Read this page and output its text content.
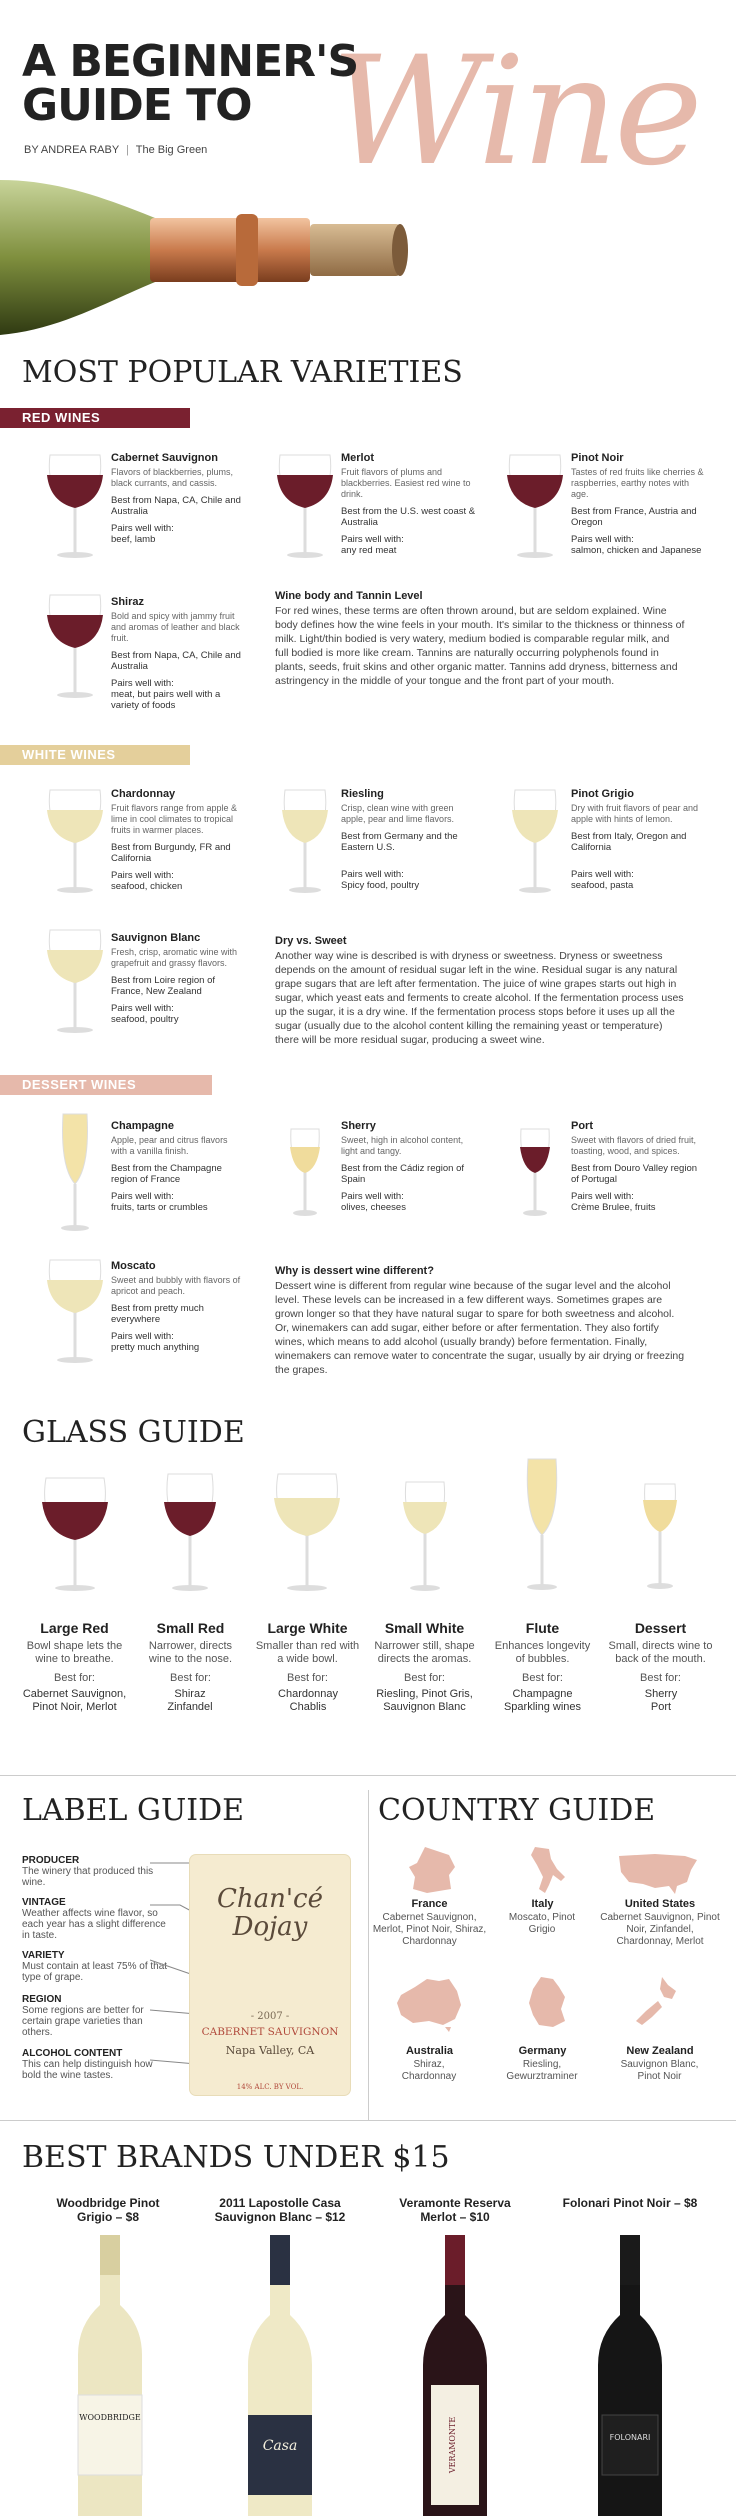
Wine
A BEGINNER'S
GUIDE TO
BY ANDREA RABY | The Big Green
MOST POPULAR VARIETIES
RED WINES
Cabernet Sauvignon
Flavors of blackberries, plums, black currants, and cassis.
Best from Napa, CA, Chile and Australia
Pairs well with:
beef, lamb
Merlot
Fruit flavors of plums and blackberries. Easiest red wine to drink.
Best from the U.S. west coast & Australia
Pairs well with:
any red meat
Pinot Noir
Tastes of red fruits like cherries & raspberries, earthy notes with age.
Best from France, Austria and Oregon
Pairs well with:
salmon, chicken and Japanese
Shiraz
Bold and spicy with jammy fruit and aromas of leather and black fruit.
Best from Napa, CA, Chile and Australia
Pairs well with:
meat, but pairs well with a variety of foods
Wine body and Tannin Level
For red wines, these terms are often thrown around, but are seldom explained. Wine body defines how the wine feels in your mouth. It's similar to the thickness or thinness of milk. Light/thin bodied is very watery, medium bodied is comparable regular milk, and full bodied is more like cream. Tannins are naturally occurring polyphenols found in plants, seeds, fruit skins and other organic matter. Tannins add dryness, bitterness and astringency in the middle of your tongue and the front part of your mouth.
WHITE WINES
Chardonnay
Fruit flavors range from apple & lime in cool climates to tropical fruits in warmer places.
Best from Burgundy, FR and California
Pairs well with:
seafood, chicken
Riesling
Crisp, clean wine with green apple, pear and lime flavors.
Best from Germany and the Eastern U.S.
Pairs well with:
Spicy food, poultry
Pinot Grigio
Dry with fruit flavors of pear and apple with hints of lemon.
Best from Italy, Oregon and California
Pairs well with:
seafood, pasta
Sauvignon Blanc
Fresh, crisp, aromatic wine with grapefruit and grassy flavors.
Best from Loire region of France, New Zealand
Pairs well with:
seafood, poultry
Dry vs. Sweet
Another way wine is described is with dryness or sweetness. Dryness or sweetness depends on the amount of residual sugar left in the wine. Residual sugar is any natural grape sugars that are left after fermentation. The juice of wine grapes starts out high in sugar, which yeast eats and ferments to create alcohol. If the fermentation process uses up the sugar, it is a dry wine. If the fermentation process stops before it uses up all the sugar (usually due to the alcohol content killing the remaining yeast or temperature) there will be more residual sugar, producing a sweet wine.
DESSERT WINES
Champagne
Apple, pear and citrus flavors with a vanilla finish.
Best from the Champagne region of France
Pairs well with:
fruits, tarts or crumbles
Sherry
Sweet, high in alcohol content, light and tangy.
Best from the Cádiz region of Spain
Pairs well with:
olives, cheeses
Port
Sweet with flavors of dried fruit, toasting, wood, and spices.
Best from Douro Valley region of Portugal
Pairs well with:
Crème Brulee, fruits
Moscato
Sweet and bubbly with flavors of apricot and peach.
Best from pretty much everywhere
Pairs well with:
pretty much anything
Why is dessert wine different?
Dessert wine is different from regular wine because of the sugar level and the alcohol level. These levels can be increased in a few different ways. Sometimes grapes are grown longer so that they have natural sugar to spare for both sweetness and alcohol. Or, winemakers can add sugar, either before or after fermentation. They also fortify wines, which means to add alcohol (usually brandy) before fermentation. Finally, winemakers can remove water to concentrate the sugar, usually by air drying or freezing the grapes.
GLASS GUIDE
Large Red
Bowl shape lets the wine to breathe.
Best for:
Cabernet Sauvignon, Pinot Noir, Merlot
Small Red
Narrower, directs wine to the nose.
Best for:
Shiraz Zinfandel
Large White
Smaller than red with a wide bowl.
Best for:
Chardonnay Chablis
Small White
Narrower still, shape directs the aromas.
Best for:
Riesling, Pinot Gris, Sauvignon Blanc
Flute
Enhances longevity of bubbles.
Best for:
Champagne Sparkling wines
Dessert
Small, directs wine to back of the mouth.
Best for:
Sherry Port
LABEL GUIDE
PRODUCER
The winery that produced this wine.
VINTAGE
Weather affects wine flavor, so each year has a slight difference in taste.
VARIETY
Must contain at least 75% of that type of grape.
REGION
Some regions are better for certain grape varieties than others.
ALCOHOL CONTENT
This can help distinguish how bold the wine tastes.
Chan'cé Dojay
- 2007 -
CABERNET SAUVIGNON
Napa Valley, CA
14% ALC. BY VOL.
COUNTRY GUIDE
France
Cabernet Sauvignon, Merlot, Pinot Noir, Shiraz, Chardonnay
Italy
Moscato, Pinot Grigio
United States
Cabernet Sauvignon, Pinot Noir, Zinfandel, Chardonnay, Merlot
Australia
Shiraz, Chardonnay
Germany
Riesling, Gewurztraminer
New Zealand
Sauvignon Blanc, Pinot Noir
BEST BRANDS UNDER $15
Woodbridge Pinot Grigio – $8
2011 Lapostolle Casa Sauvignon Blanc – $12
Veramonte Reserva Merlot – $10
Folonari Pinot Noir – $8
WOODBRIDGE
Casa	VERAMONTE	FOLONARI
